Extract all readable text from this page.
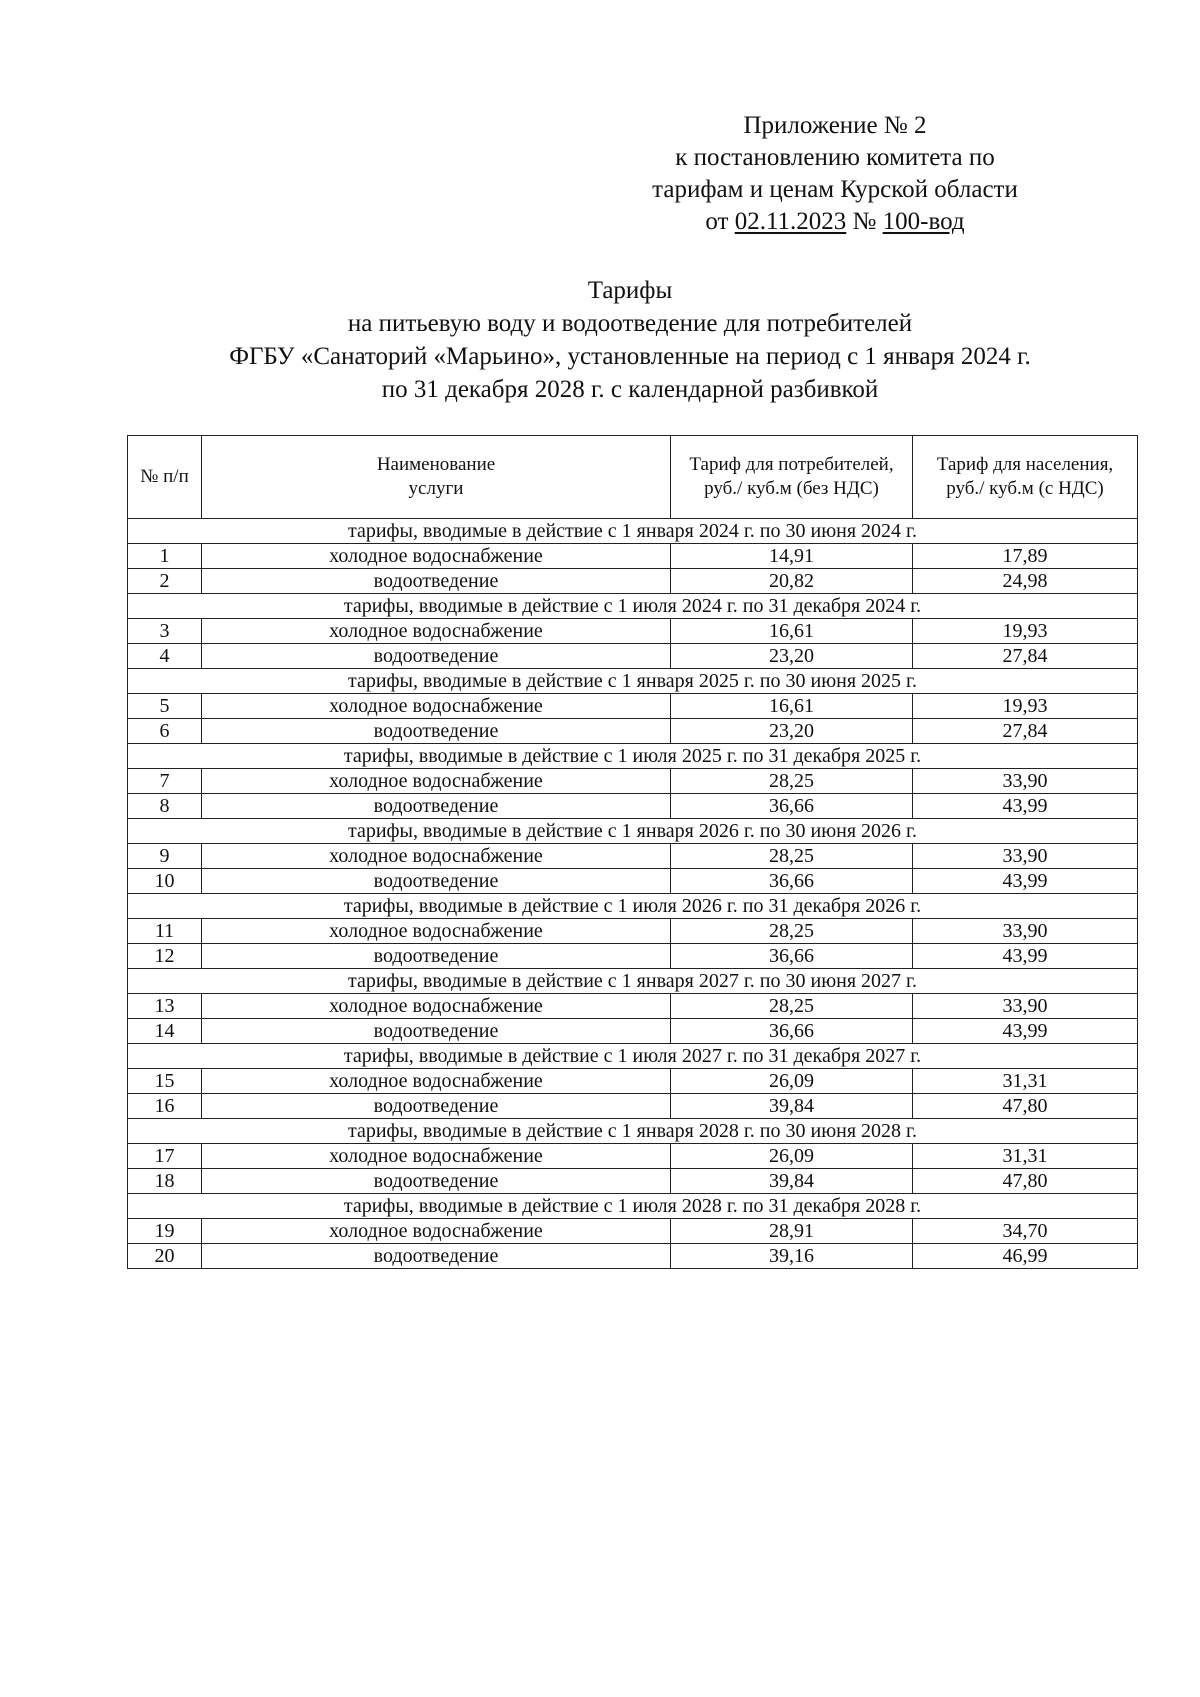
Приложение № 2
к постановлению комитета по
тарифам и ценам Курской области
от 02.11.2023 № 100-вод
Тарифы
на питьевую воду и водоотведение для потребителей
ФГБУ «Санаторий «Марьино», установленные на период с 1 января 2024 г.
по 31 декабря 2028 г. с календарной разбивкой
№ п/п	Наименование услуги	Тариф для потребителей, руб./ куб.м (без НДС)	Тариф для населения, руб./ куб.м (с НДС)
тарифы, вводимые в действие с 1 января 2024 г. по 30 июня 2024 г.			
1	холодное водоснабжение	14,91	17,89
2	водоотведение	20,82	24,98
тарифы, вводимые в действие с 1 июля 2024 г. по 31 декабря 2024 г.			
3	холодное водоснабжение	16,61	19,93
4	водоотведение	23,20	27,84
тарифы, вводимые в действие с 1 января 2025 г. по 30 июня 2025 г.			
5	холодное водоснабжение	16,61	19,93
6	водоотведение	23,20	27,84
тарифы, вводимые в действие с 1 июля 2025 г. по 31 декабря 2025 г.			
7	холодное водоснабжение	28,25	33,90
8	водоотведение	36,66	43,99
тарифы, вводимые в действие с 1 января 2026 г. по 30 июня 2026 г.			
9	холодное водоснабжение	28,25	33,90
10	водоотведение	36,66	43,99
тарифы, вводимые в действие с 1 июля 2026 г. по 31 декабря 2026 г.			
11	холодное водоснабжение	28,25	33,90
12	водоотведение	36,66	43,99
тарифы, вводимые в действие с 1 января 2027 г. по 30 июня 2027 г.			
13	холодное водоснабжение	28,25	33,90
14	водоотведение	36,66	43,99
тарифы, вводимые в действие с 1 июля 2027 г. по 31 декабря 2027 г.			
15	холодное водоснабжение	26,09	31,31
16	водоотведение	39,84	47,80
тарифы, вводимые в действие с 1 января 2028 г. по 30 июня 2028 г.			
17	холодное водоснабжение	26,09	31,31
18	водоотведение	39,84	47,80
тарифы, вводимые в действие с 1 июля 2028 г. по 31 декабря 2028 г.			
19	холодное водоснабжение	28,91	34,70
20	водоотведение	39,16	46,99
